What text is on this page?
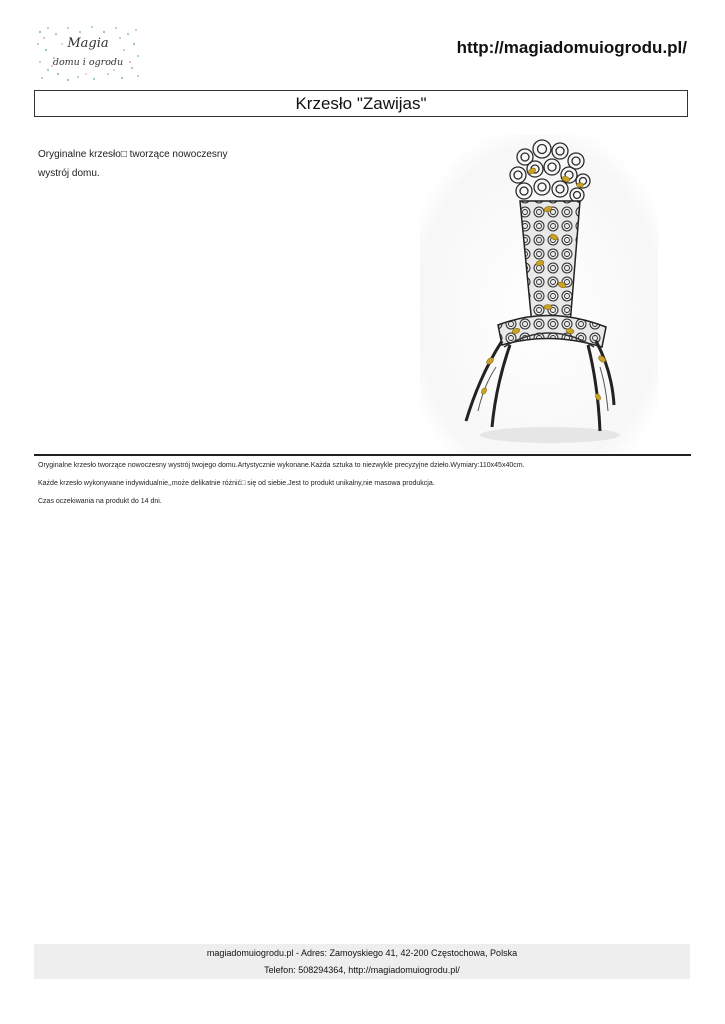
Magia
domu i ogrodu
http://magiadomuiogrodu.pl/
Krzesło "Zawijas"
Oryginalne krzesło□ tworzące nowoczesny wystrój domu.

Oryginalne krzesło tworzące nowoczesny wystrój twojego domu.Artystycznie wykonane.Każda sztuka to niezwykle precyzyjne dzieło.Wymiary:110x45x40cm.

Każde krzesło wykonywane indywidualnie,,może delikatnie różnić□ się od siebie.Jest to produkt unikalny,nie masowa produkcja.

Czas oczekiwania na produkt do 14 dni.

magiadomuiogrodu.pl - Adres: Zamoyskiego 41, 42-200 Częstochowa, Polska
Telefon: 508294364, http://magiadomuiogrodu.pl/
